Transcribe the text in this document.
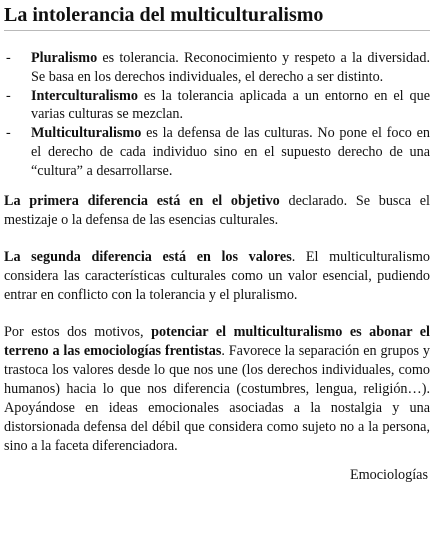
La intolerancia del multiculturalismo
- Pluralismo es tolerancia. Reconocimiento y respeto a la diversidad. Se basa en los derechos individuales, el derecho a ser distinto.
- Interculturalismo es la tolerancia aplicada a un entorno en el que varias culturas se mezclan.
- Multiculturalismo es la defensa de las culturas. No pone el foco en el derecho de cada individuo sino en el supuesto derecho de una “cultura” a desarrollarse.

La primera diferencia está en el objetivo declarado. Se busca el mestizaje o la defensa de las esencias culturales.

La segunda diferencia está en los valores. El multiculturalismo considera las características culturales como un valor esencial, pudiendo entrar en conflicto con la tolerancia y el pluralismo.

Por estos dos motivos, potenciar el multiculturalismo es abonar el terreno a las emociologías frentistas. Favorece la separación en grupos y trastoca los valores desde lo que nos une (los derechos individuales, como humanos) hacia lo que nos diferencia (costumbres, lengua, religión…). Apoyándose en ideas emocionales asociadas a la nostalgia y una distorsionada defensa del débil que considera como sujeto no a la persona, sino a la faceta diferenciadora.

Emociologías
